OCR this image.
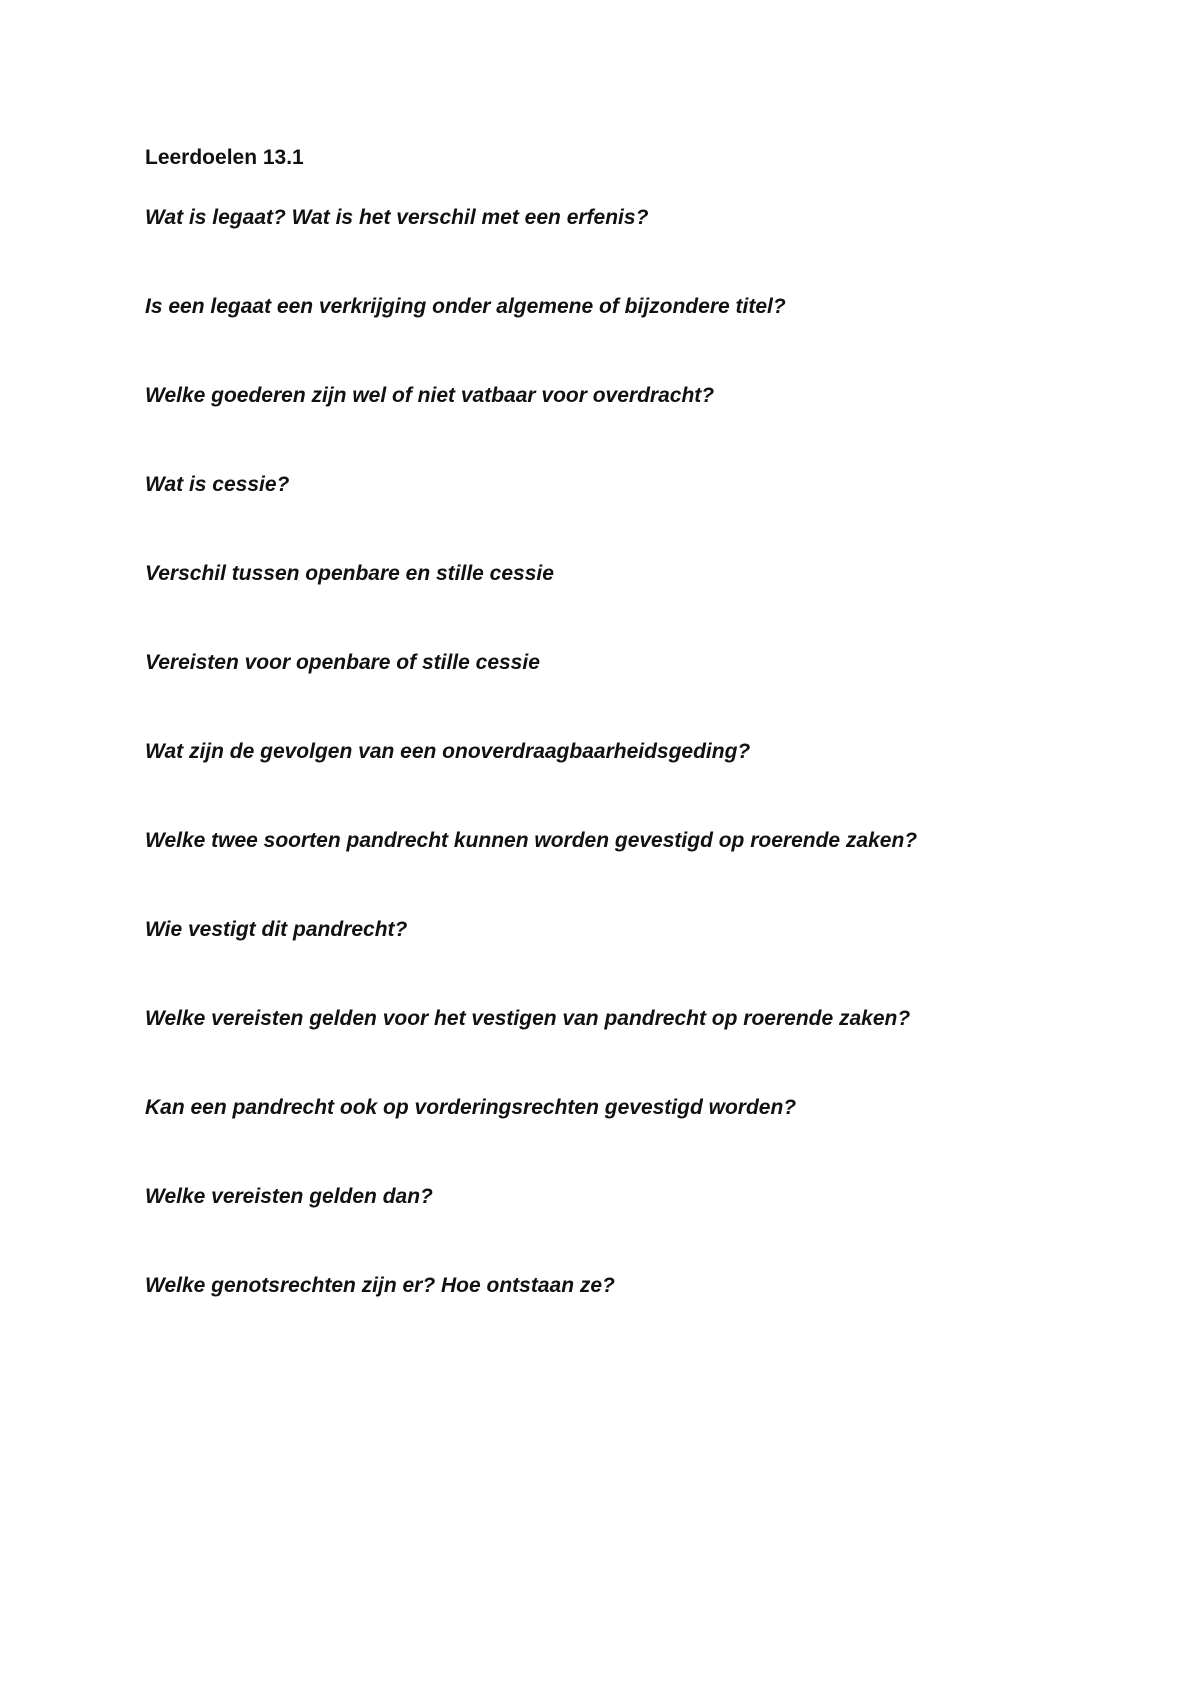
Leerdoelen 13.1
Wat is legaat? Wat is het verschil met een erfenis?
Is een legaat een verkrijging onder algemene of bijzondere titel?
Welke goederen zijn wel of niet vatbaar voor overdracht?
Wat is cessie?
Verschil tussen openbare en stille cessie
Vereisten voor openbare of stille cessie
Wat zijn de gevolgen van een onoverdraagbaarheidsgeding?
Welke twee soorten pandrecht kunnen worden gevestigd op roerende zaken?
Wie vestigt dit pandrecht?
Welke vereisten gelden voor het vestigen van pandrecht op roerende zaken?
Kan een pandrecht ook op vorderingsrechten gevestigd worden?
Welke vereisten gelden dan?
Welke genotsrechten zijn er? Hoe ontstaan ze?
